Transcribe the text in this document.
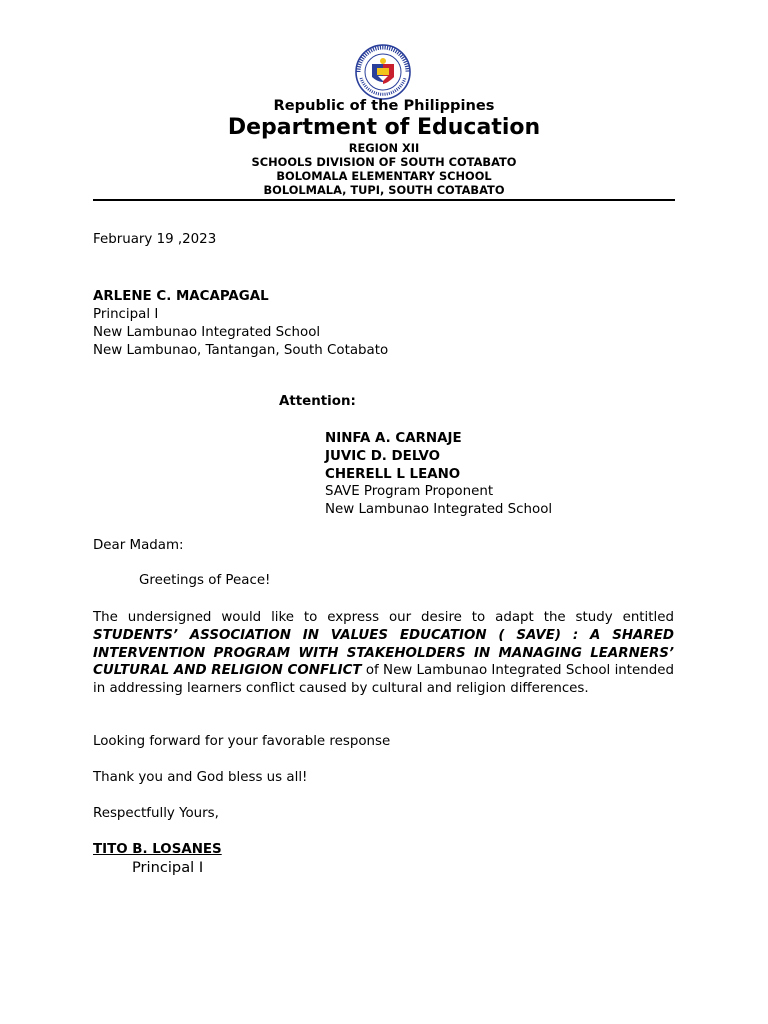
Republic of the Philippines
Department of Education
REGION XII
SCHOOLS DIVISION OF SOUTH COTABATO
BOLOMALA ELEMENTARY SCHOOL
BOLOLMALA, TUPI, SOUTH COTABATO
February 19 ,2023
ARLENE C. MACAPAGAL
Principal I
New Lambunao Integrated School
New Lambunao, Tantangan, South Cotabato
Attention:
NINFA A. CARNAJE
JUVIC D. DELVO
CHERELL L LEANO
SAVE Program Proponent
New Lambunao Integrated School
Dear Madam:
Greetings of Peace!
The undersigned would like to express our desire to adapt the study entitled STUDENTS’ ASSOCIATION IN VALUES EDUCATION ( SAVE) : A SHARED INTERVENTION PROGRAM WITH STAKEHOLDERS IN MANAGING LEARNERS’ CULTURAL AND RELIGION CONFLICT of New Lambunao Integrated School intended in addressing learners conflict caused by cultural and religion differences.
Looking forward for your favorable response
Thank you and God bless us all!
Respectfully Yours,
TITO B. LOSANES
Principal I
